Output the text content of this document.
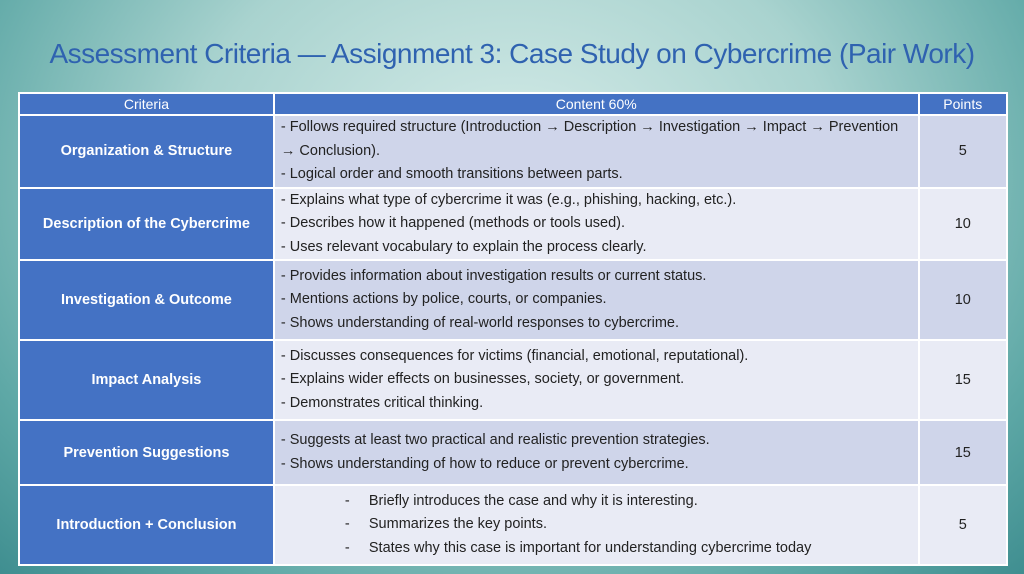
Assessment Criteria — Assignment 3: Case Study on Cybercrime (Pair Work)
Criteria	Content 60%	Points
Organization & Structure	- Follows required structure (Introduction → Description → Investigation → Impact → Prevention → Conclusion).
- Logical order and smooth transitions between parts.	5
Description of the Cybercrime	- Explains what type of cybercrime it was (e.g., phishing, hacking, etc.).
- Describes how it happened (methods or tools used).
- Uses relevant vocabulary to explain the process clearly.	10
Investigation & Outcome	- Provides information about investigation results or current status.
- Mentions actions by police, courts, or companies.
- Shows understanding of real-world responses to cybercrime.	10
Impact Analysis	- Discusses consequences for victims (financial, emotional, reputational).
- Explains wider effects on businesses, society, or government.
- Demonstrates critical thinking.	15
Prevention Suggestions	- Suggests at least two practical and realistic prevention strategies.
- Shows understanding of how to reduce or prevent cybercrime.	15
Introduction + Conclusion	- Briefly introduces the case and why it is interesting.
- Summarizes the key points.
- States why this case is important for understanding cybercrime today	5
